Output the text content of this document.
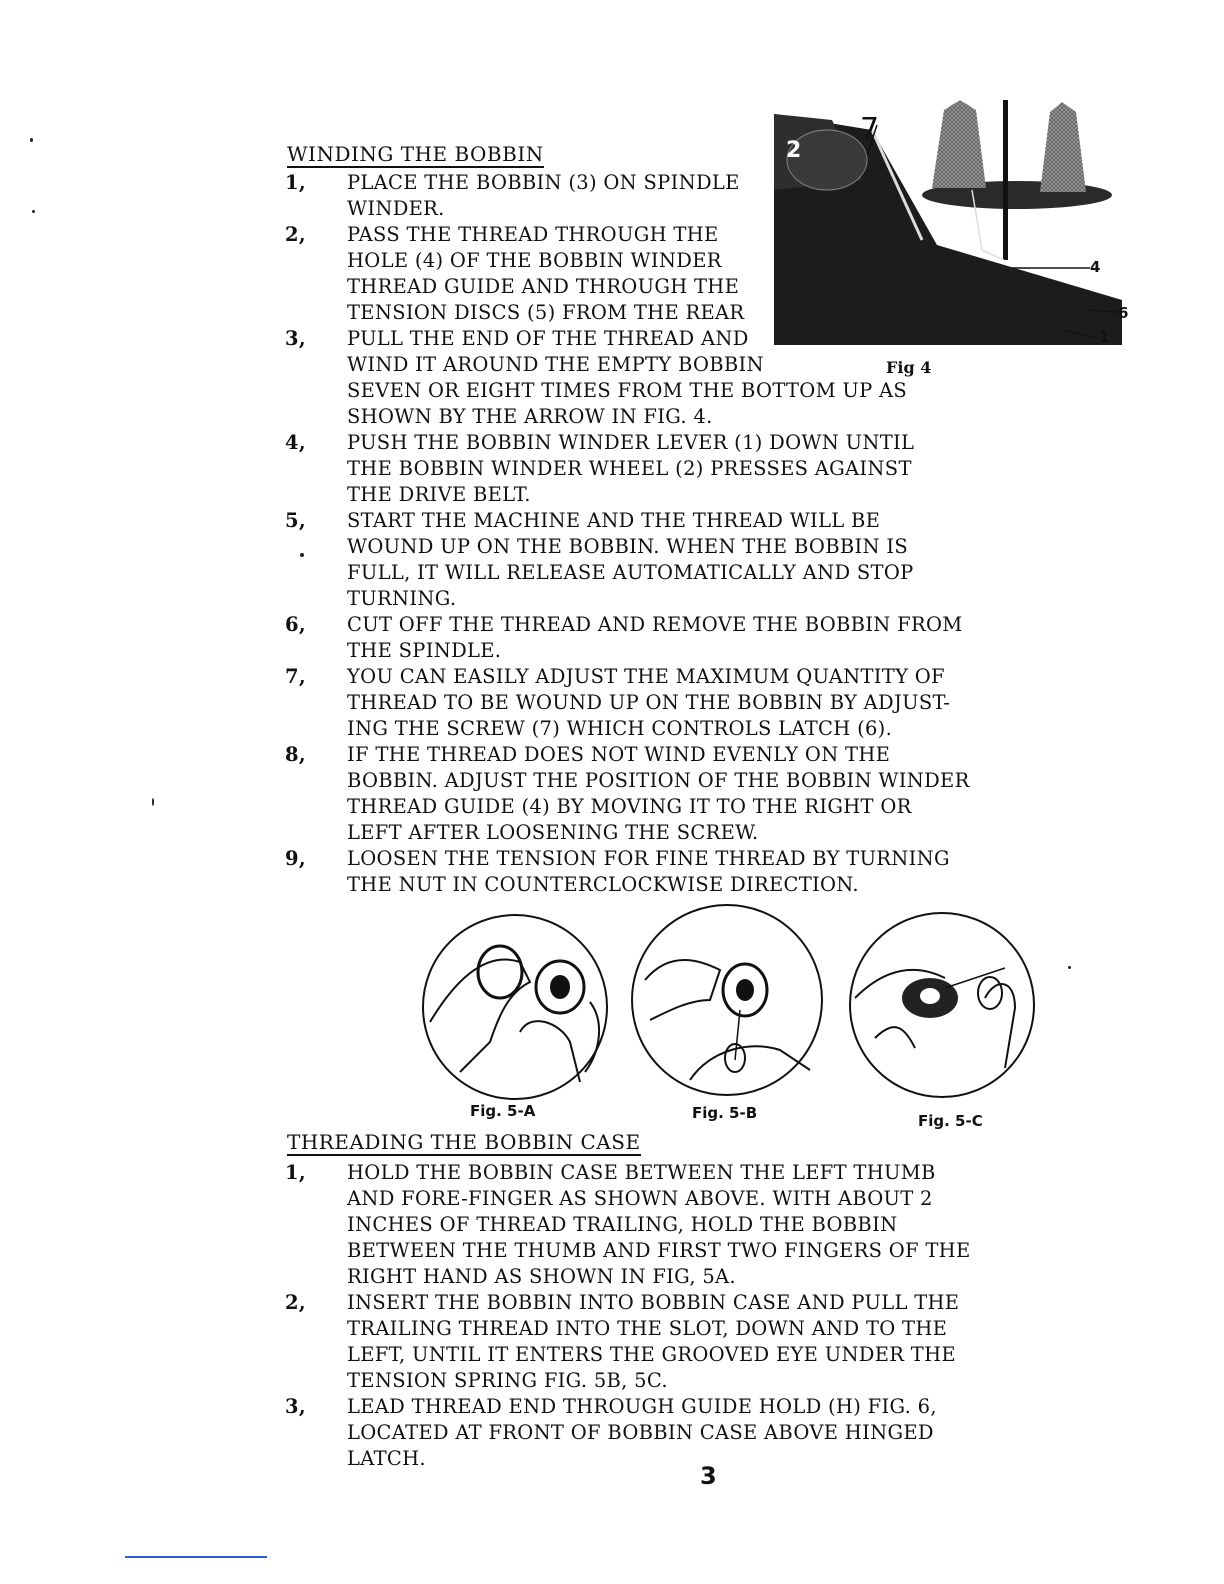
WINDING THE BOBBIN
1,	PLACE THE BOBBIN (3) ON SPINDLE
WINDER.
2,	PASS THE THREAD THROUGH THE
HOLE (4) OF THE BOBBIN WINDER
THREAD GUIDE AND THROUGH THE
TENSION DISCS (5) FROM THE REAR
3,	PULL THE END OF THE THREAD AND
WIND IT AROUND THE EMPTY BOBBIN
SEVEN OR EIGHT TIMES FROM THE BOTTOM UP AS
SHOWN BY THE ARROW IN FIG. 4.
4,	PUSH THE BOBBIN WINDER LEVER (1) DOWN UNTIL
THE BOBBIN WINDER WHEEL (2) PRESSES AGAINST
THE DRIVE BELT.
5,	START THE MACHINE AND THE THREAD WILL BE
WOUND UP ON THE BOBBIN. WHEN THE BOBBIN IS
FULL, IT WILL RELEASE AUTOMATICALLY AND STOP
TURNING.
6,	CUT OFF THE THREAD AND REMOVE THE BOBBIN FROM
THE SPINDLE.
7,	YOU CAN EASILY ADJUST THE MAXIMUM QUANTITY OF
THREAD TO BE WOUND UP ON THE BOBBIN BY ADJUST-
ING THE SCREW (7) WHICH CONTROLS LATCH (6).
8,	IF THE THREAD DOES NOT WIND EVENLY ON THE
BOBBIN. ADJUST THE POSITION OF THE BOBBIN WINDER
THREAD GUIDE (4) BY MOVING IT TO THE RIGHT OR
LEFT AFTER LOOSENING THE SCREW.
9,	LOOSEN THE TENSION FOR FINE THREAD BY TURNING
THE NUT IN COUNTERCLOCKWISE DIRECTION.
7
2
8 3
4
6
1
Fig 4
Fig. 5-A	Fig. 5-B	Fig. 5-C
THREADING THE BOBBIN CASE
1,	HOLD THE BOBBIN CASE BETWEEN THE LEFT THUMB
AND FORE-FINGER AS SHOWN ABOVE. WITH ABOUT 2
INCHES OF THREAD TRAILING, HOLD THE BOBBIN
BETWEEN THE THUMB AND FIRST TWO FINGERS OF THE
RIGHT HAND AS SHOWN IN FIG, 5A.
2,	INSERT THE BOBBIN INTO BOBBIN CASE AND PULL THE
TRAILING THREAD INTO THE SLOT, DOWN AND TO THE
LEFT, UNTIL IT ENTERS THE GROOVED EYE UNDER THE
TENSION SPRING FIG. 5B, 5C.
3,	LEAD THREAD END THROUGH GUIDE HOLD (H) FIG. 6,
LOCATED AT FRONT OF BOBBIN CASE ABOVE HINGED
LATCH.
3
